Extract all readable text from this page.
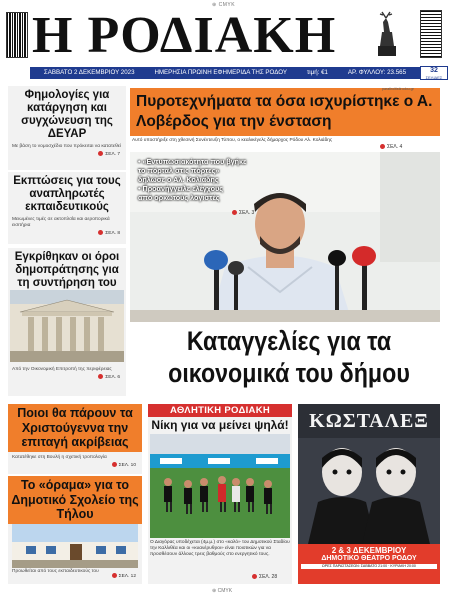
⊕ CMYK
Η ΡΟΔΙΑΚΗ
ΣΑΒΒΑΤΟ 2 ΔΕΚΕΜΒΡΙΟΥ 2023	ΗΜΕΡΗΣΙΑ ΠΡΩΙΝΗ ΕΦΗΜΕΡΙΔΑ ΤΗΣ ΡΟΔΟΥ	τιμή: €1	ΑΡ. ΦΥΛΛΟΥ: 23.565	32
ΣΕΛΙΔΕΣ
Φημολογίες για κατάργηση και συγχώνευση της ΔΕΥΑΡ
Με βάση το νομοσχέδιο που πρόκειται να κατατεθεί
ΣΕΛ. 7
Εκπτώσεις για τους αναπληρωτές εκπαιδευτικούς
Μειωμένες τιμές σε ακτοπλοΐα και αεροπορικά εισιτήρια
ΣΕΛ. 8
Εγκρίθηκαν οι όροι δημοπράτησης για τη συντήρηση του
Από την Οικονομική Επιτροπή της περιφέρειας
ΣΕΛ. 6
Πυροτεχνήματα τα όσα ισχυρίστηκε ο Α. Λοβέρδος για την ένσταση
Αυτό υποστήριξε στη χθεσινή Συνέντευξη Τύπου, ο κεαλικέγελς δήμαρχος Ρόδου Αλ. Κολιάδης
ΣΕΛ. 4
paratiroitistirodou.gr
• «Εντυπωσιακότητα που βγήκε
το πόρταλ στις πόρτες»
δηλώσε ο Αλ. Κολιάδης
• Προανήγγειλε ελέγχους
από ορκωτούς λογιστές
ΣΕΛ. 3
Καταγγελίες για τα οικονομικά του δήμου
Ποιοι θα πάρουν τα Χριστούγεννα την επιταγή ακρίβειας
Κατατέθηκε στη Βουλή η σχετική τροπολογία
ΣΕΛ. 10
Το «όραμα» για το Δημοτικό Σχολείο της Τήλου
Προωθείται από τους εκπαιδευτικούς του
ΣΕΛ. 12
ΑΘΛΗΤΙΚΗ ΡΟΔΙΑΚΗ
Νίκη για να μείνει ψηλά!
Ο Διαγόρας υποδέχεται (4μ.μ.) στο «καλό» του Δημοτικού Σταδίου την Καλλιθέα και οι «κυανέρυθροι» είναι ποιοτικών για να προσθέσουν άλλους τρεις βαθμούς στο ενεργητικό τους.
ΣΕΛ. 28
ΚΩΣΤΑΛΕΞ
2 & 3 ΔΕΚΕΜΒΡΙΟΥ
ΔΗΜΟΤΙΚΟ ΘΕΑΤΡΟ ΡΟΔΟΥ
ΩΡΕΣ ΠΑΡΑΣΤΑΣΕΩΝ: ΣΑΒΒΑΤΟ 21:00 · ΚΥΡΙΑΚΗ 20:00
⊕ CMYK
